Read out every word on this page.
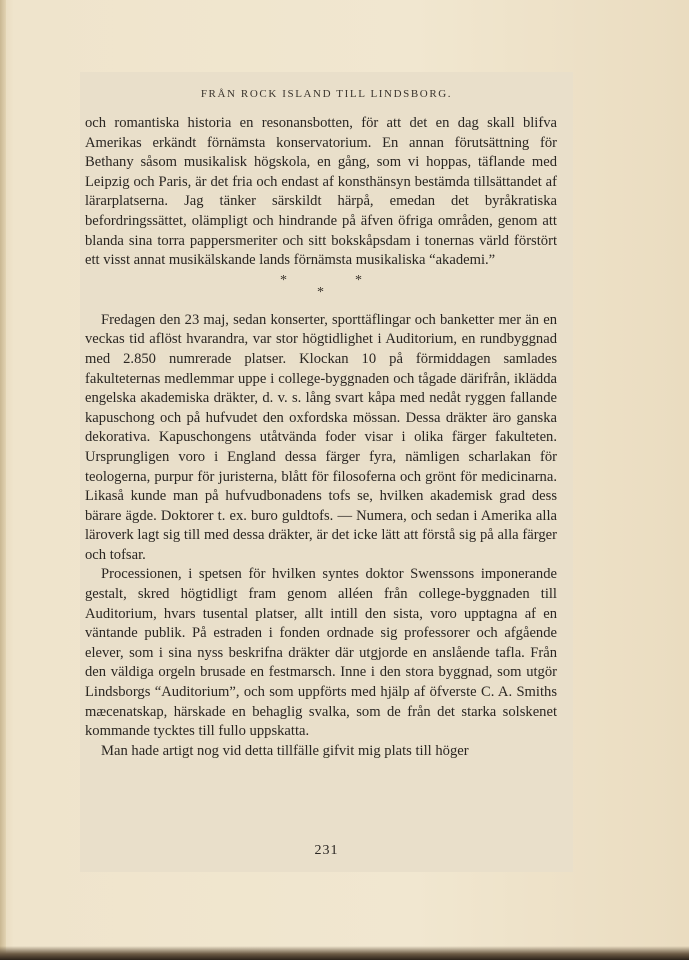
FRÅN ROCK ISLAND TILL LINDSBORG.

och romantiska historia en resonansbotten, för att det en dag skall blifva Amerikas erkändt förnämsta konservatorium. En annan förutsättning för Bethany såsom musikalisk högskola, en gång, som vi hoppas, täflande med Leipzig och Paris, är det fria och endast af konsthänsyn bestämda tillsättandet af lärarplatserna. Jag tänker särskildt härpå, emedan det byråkratiska befordringssättet, olämpligt och hindrande på äfven öfriga områden, genom att blanda sina torra pappersmeriter och sitt bokskåpsdam i tonernas värld förstört ett visst annat musikälskande lands förnämsta musikaliska “akademi.”

*	*
*

Fredagen den 23 maj, sedan konserter, sporttäflingar och banketter mer än en veckas tid aflöst hvarandra, var stor högtidlighet i Auditorium, en rundbyggnad med 2.850 numrerade platser. Klockan 10 på förmiddagen samlades fakulteternas medlemmar uppe i college-byggnaden och tågade därifrån, iklädda engelska akademiska dräkter, d. v. s. lång svart kåpa med nedåt ryggen fallande kapuschong och på hufvudet den oxfordska mössan. Dessa dräkter äro ganska dekorativa. Kapuschongens utåtvända foder visar i olika färger fakulteten. Ursprungligen voro i England dessa färger fyra, nämligen scharlakan för teologerna, purpur för juristerna, blått för filosoferna och grönt för medicinarna. Likaså kunde man på hufvudbonadens tofs se, hvilken akademisk grad dess bärare ägde. Doktorer t. ex. buro guldtofs. — Numera, och sedan i Amerika alla läroverk lagt sig till med dessa dräkter, är det icke lätt att förstå sig på alla färger och tofsar.

Processionen, i spetsen för hvilken syntes doktor Swenssons imponerande gestalt, skred högtidligt fram genom alléen från college-byggnaden till Auditorium, hvars tusental platser, allt intill den sista, voro upptagna af en väntande publik. På estraden i fonden ordnade sig professorer och afgående elever, som i sina nyss beskrifna dräkter där utgjorde en anslående tafla. Från den väldiga orgeln brusade en festmarsch. Inne i den stora byggnad, som utgör Lindsborgs “Auditorium”, och som uppförts med hjälp af öfverste C. A. Smiths mæcenatskap, härskade en behaglig svalka, som de från det starka solskenet kommande tycktes till fullo uppskatta.

Man hade artigt nog vid detta tillfälle gifvit mig plats till höger

231
